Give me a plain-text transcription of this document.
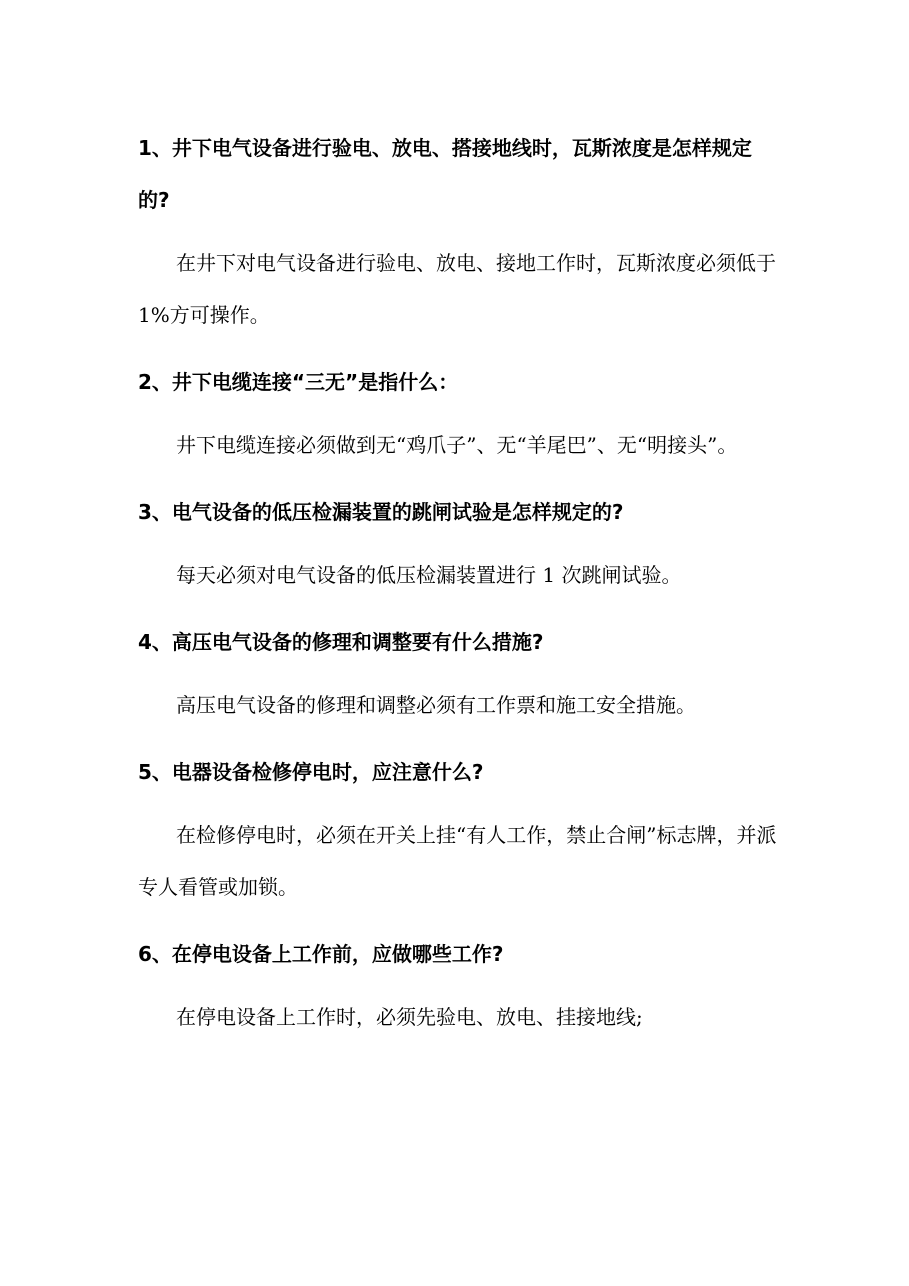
1、井下电气设备进行验电、放电、搭接地线时，瓦斯浓度是怎样规定的?

在井下对电气设备进行验电、放电、接地工作时，瓦斯浓度必须低于 1%方可操作。

2、井下电缆连接“三无”是指什么：

井下电缆连接必须做到无“鸡爪子”、无“羊尾巴”、无“明接头”。

3、电气设备的低压检漏装置的跳闸试验是怎样规定的?

每天必须对电气设备的低压检漏装置进行 1 次跳闸试验。

4、高压电气设备的修理和调整要有什么措施?

高压电气设备的修理和调整必须有工作票和施工安全措施。

5、电器设备检修停电时，应注意什么?

在检修停电时，必须在开关上挂“有人工作，禁止合闸”标志牌，并派专人看管或加锁。

6、在停电设备上工作前，应做哪些工作?

在停电设备上工作时，必须先验电、放电、挂接地线;
